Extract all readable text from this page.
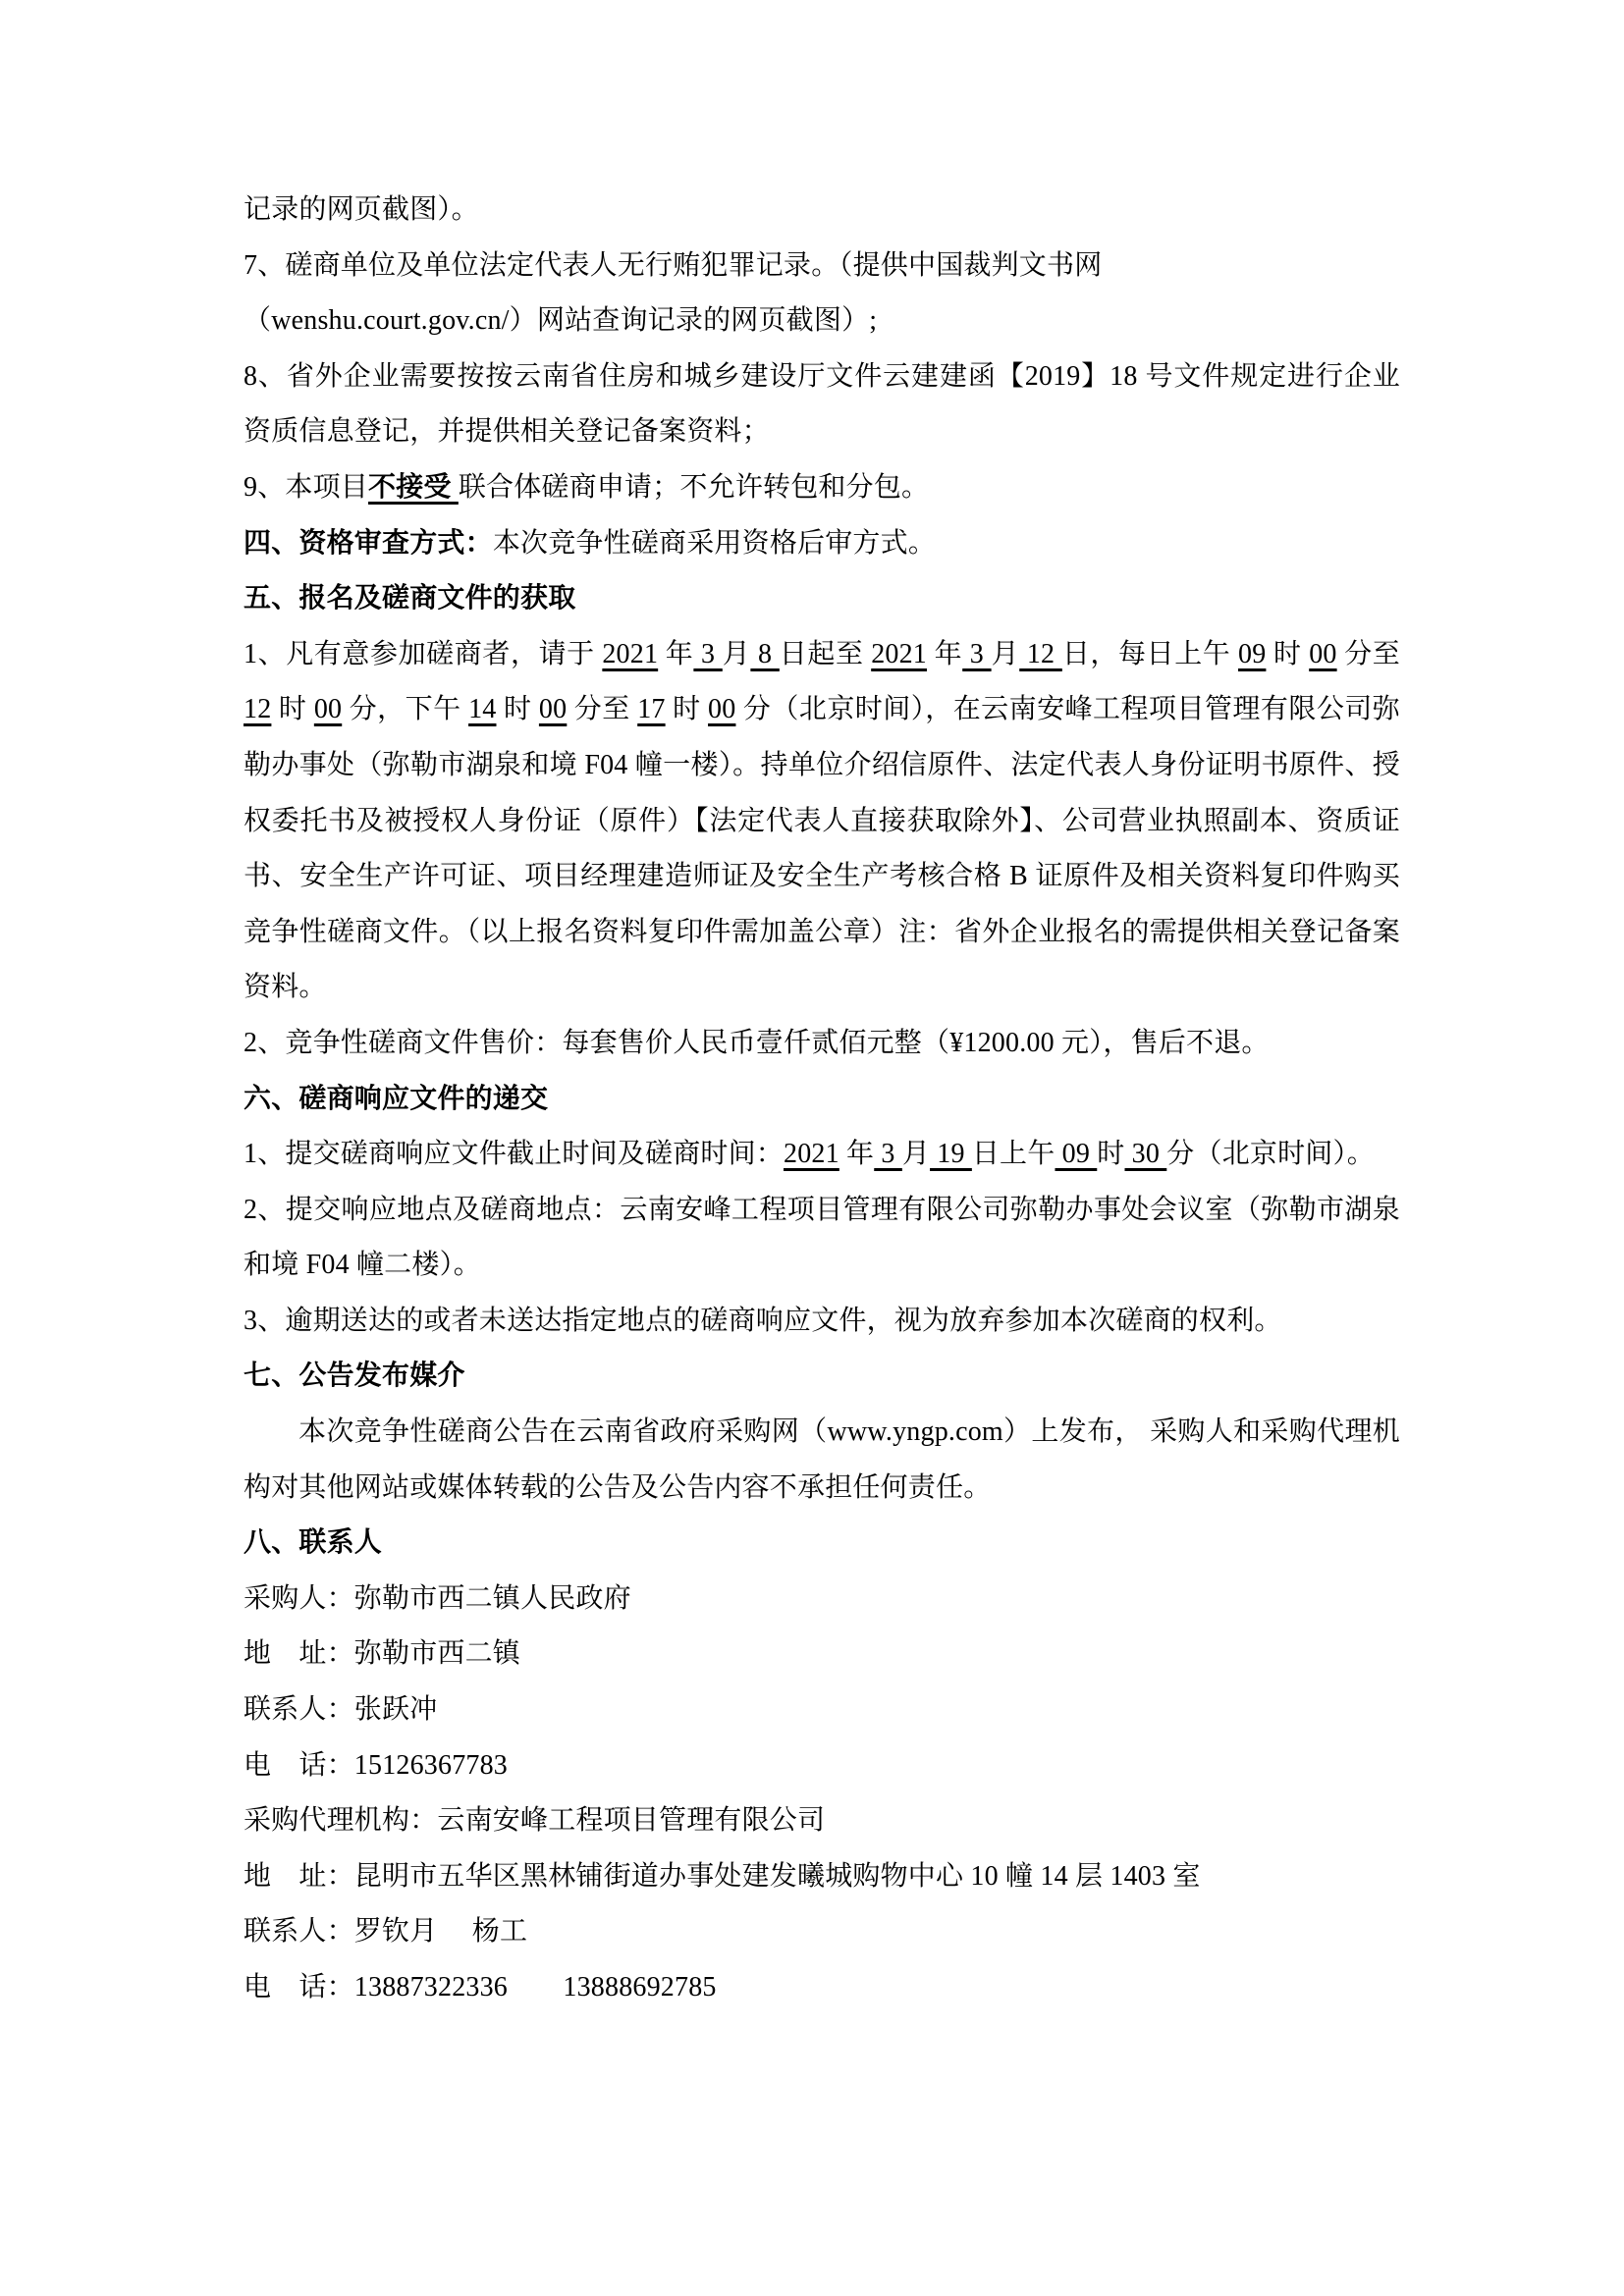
记录的网页截图）。

7、磋商单位及单位法定代表人无行贿犯罪记录。（提供中国裁判文书网

（wenshu.court.gov.cn/）网站查询记录的网页截图）;

8、省外企业需要按按云南省住房和城乡建设厅文件云建建函【2019】18 号文件规定进行企业资质信息登记，并提供相关登记备案资料；

9、本项目不接受 联合体磋商申请；不允许转包和分包。

四、资格审查方式：本次竞争性磋商采用资格后审方式。

五、报名及磋商文件的获取

1、凡有意参加磋商者，请于 2021 年 3 月 8 日起至 2021 年 3 月 12 日，每日上午 09 时 00 分至 12 时 00 分，下午 14 时 00 分至 17 时 00 分（北京时间），在云南安峰工程项目管理有限公司弥勒办事处（弥勒市湖泉和境 F04 幢一楼）。持单位介绍信原件、法定代表人身份证明书原件、授权委托书及被授权人身份证（原件）【法定代表人直接获取除外】、公司营业执照副本、资质证书、安全生产许可证、项目经理建造师证及安全生产考核合格 B 证原件及相关资料复印件购买竞争性磋商文件。（以上报名资料复印件需加盖公章）注：省外企业报名的需提供相关登记备案资料。

2、竞争性磋商文件售价：每套售价人民币壹仟贰佰元整（¥1200.00 元），售后不退。

六、磋商响应文件的递交

1、提交磋商响应文件截止时间及磋商时间：2021 年 3 月 19 日上午 09 时 30 分（北京时间）。

2、提交响应地点及磋商地点：云南安峰工程项目管理有限公司弥勒办事处会议室（弥勒市湖泉和境 F04 幢二楼）。

3、逾期送达的或者未送达指定地点的磋商响应文件，视为放弃参加本次磋商的权利。

七、公告发布媒介

本次竞争性磋商公告在云南省政府采购网（www.yngp.com）上发布， 采购人和采购代理机构对其他网站或媒体转载的公告及公告内容不承担任何责任。

八、联系人

采购人：弥勒市西二镇人民政府

地　址：弥勒市西二镇

联系人：张跃冲

电　话：15126367783

采购代理机构：云南安峰工程项目管理有限公司

地　址：昆明市五华区黑林铺街道办事处建发曦城购物中心 10 幢 14 层 1403 室

联系人：罗钦月　 杨工

电　话：13887322336　　13888692785
